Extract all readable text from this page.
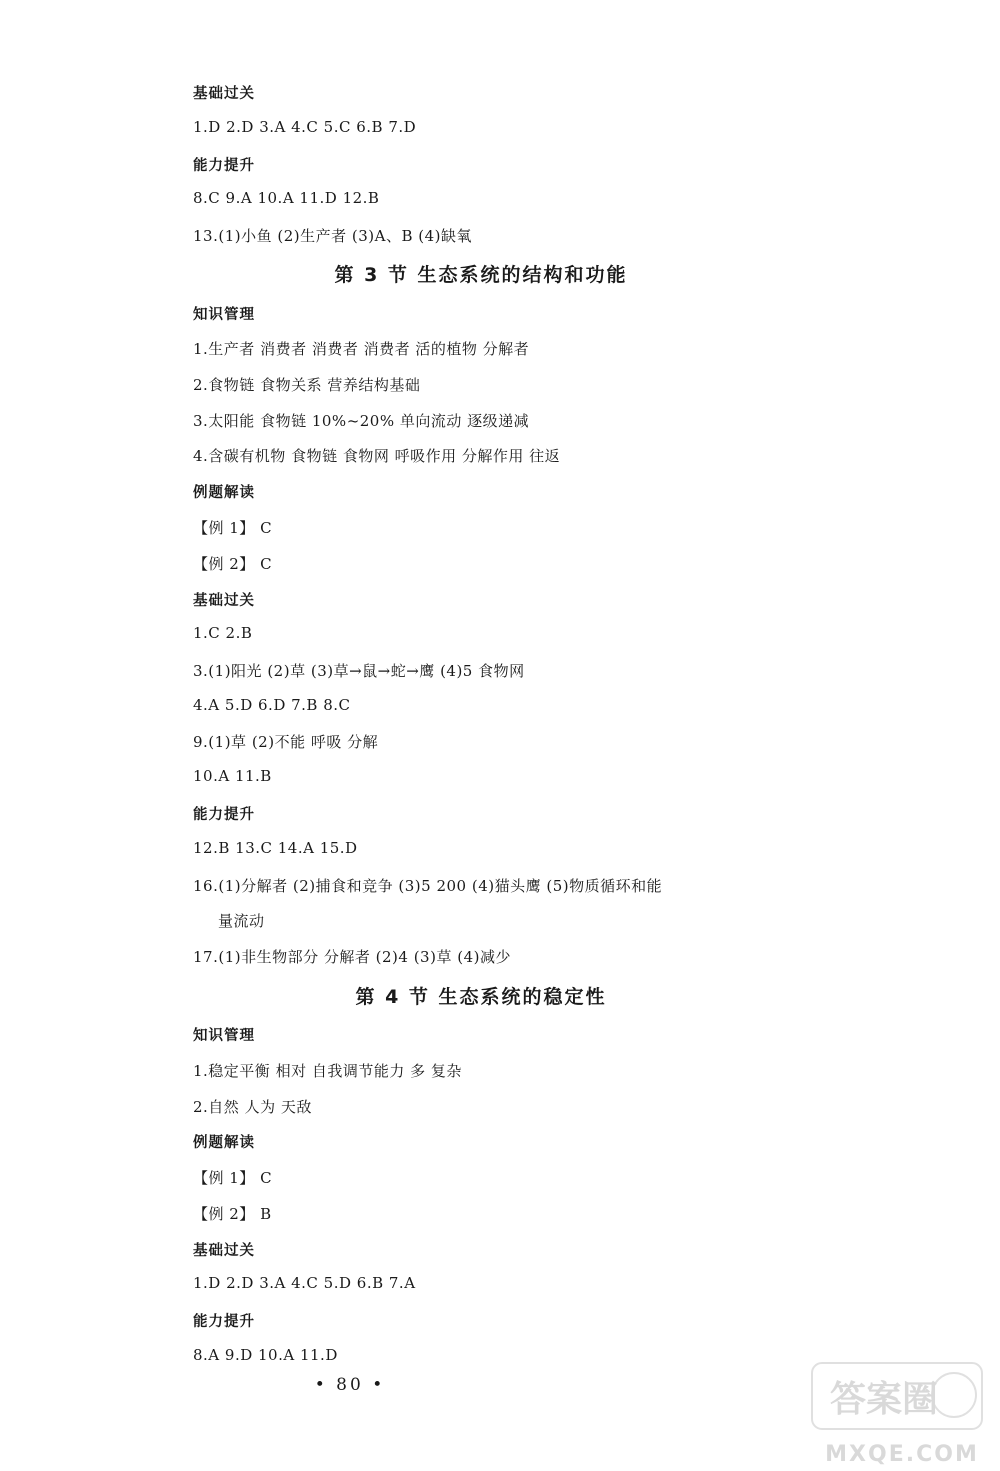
基础过关
1.D 2.D 3.A 4.C 5.C 6.B 7.D
能力提升
8.C 9.A 10.A 11.D 12.B
13.(1)小鱼 (2)生产者 (3)A、B (4)缺氧
第 3 节 生态系统的结构和功能
知识管理
1.生产者 消费者 消费者 消费者 活的植物 分解者
2.食物链 食物关系 营养结构基础
3.太阳能 食物链 10%~20% 单向流动 逐级递减
4.含碳有机物 食物链 食物网 呼吸作用 分解作用 往返
例题解读
【例 1】 C
【例 2】 C
基础过关
1.C 2.B
3.(1)阳光 (2)草 (3)草→鼠→蛇→鹰 (4)5 食物网
4.A 5.D 6.D 7.B 8.C
9.(1)草 (2)不能 呼吸 分解
10.A 11.B
能力提升
12.B 13.C 14.A 15.D
16.(1)分解者 (2)捕食和竞争 (3)5 200 (4)猫头鹰 (5)物质循环和能
量流动
17.(1)非生物部分 分解者 (2)4 (3)草 (4)减少
第 4 节 生态系统的稳定性
知识管理
1.稳定平衡 相对 自我调节能力 多 复杂
2.自然 人为 天敌
例题解读
【例 1】 C
【例 2】 B
基础过关
1.D 2.D 3.A 4.C 5.D 6.B 7.A
能力提升
8.A 9.D 10.A 11.D
• 80 •	答案圈
MXQE.COM
